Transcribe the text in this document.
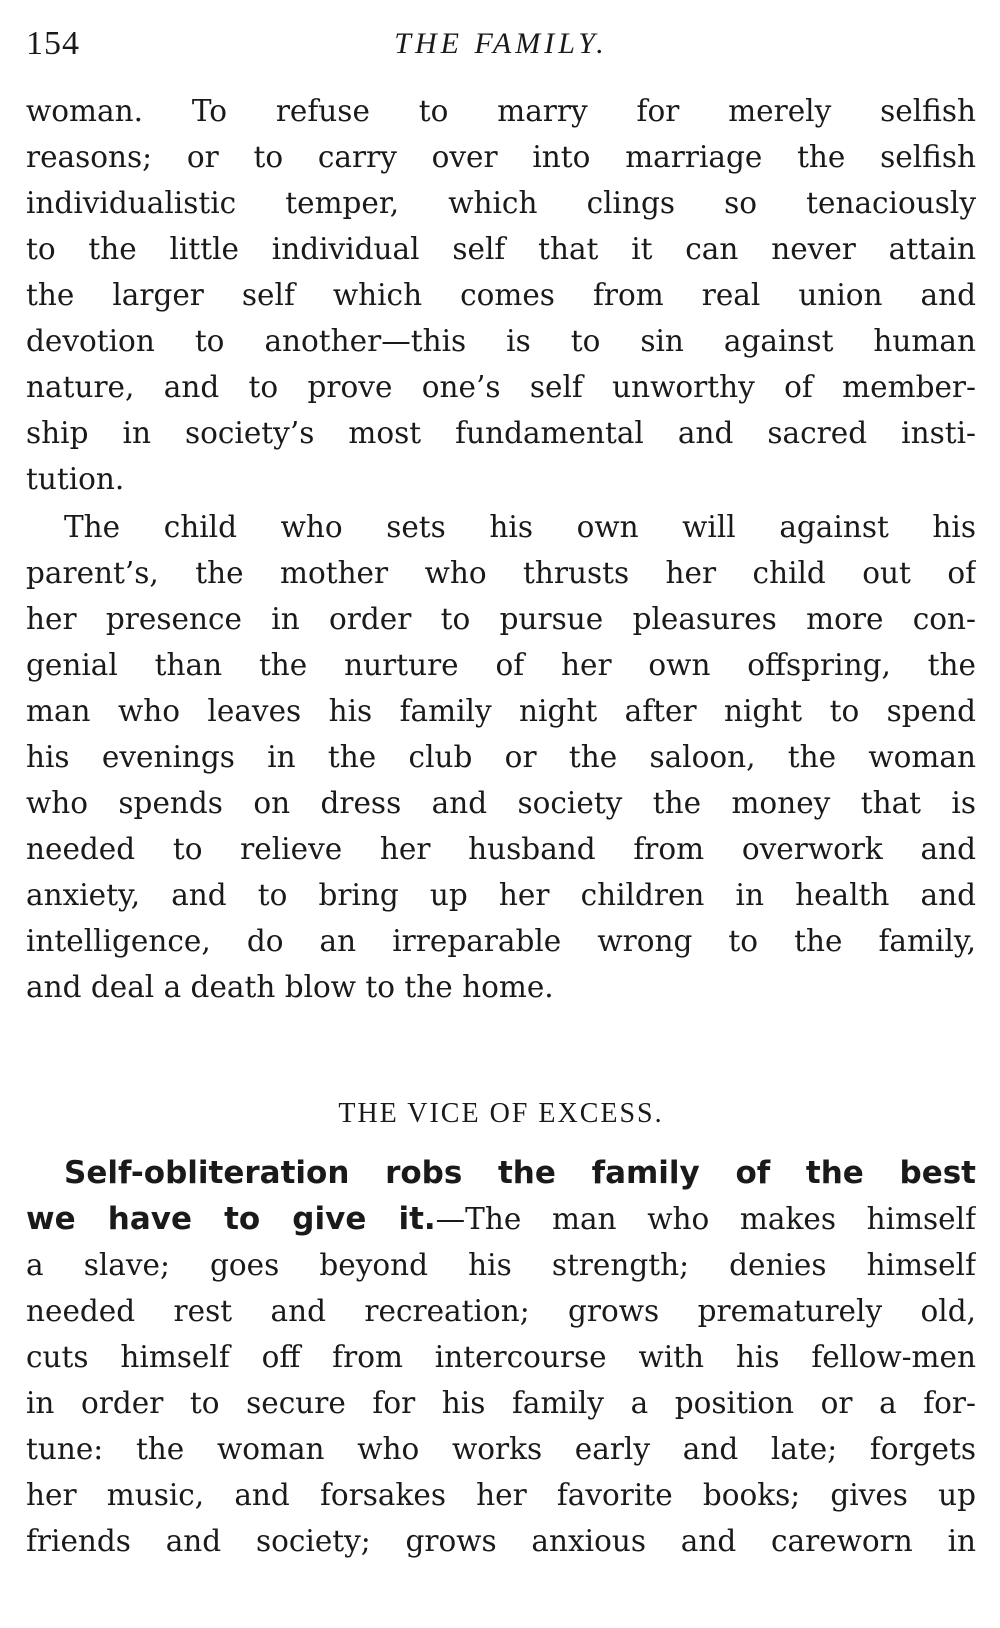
154	THE FAMILY.
woman. To refuse to marry for merely selfish
reasons; or to carry over into marriage the selfish
individualistic temper, which clings so tenaciously
to the little individual self that it can never attain
the larger self which comes from real union and
devotion to another—this is to sin against human
nature, and to prove one’s self unworthy of member-
ship in society’s most fundamental and sacred insti-
tution.
The child who sets his own will against his
parent’s, the mother who thrusts her child out of
her presence in order to pursue pleasures more con-
genial than the nurture of her own offspring, the
man who leaves his family night after night to spend
his evenings in the club or the saloon, the woman
who spends on dress and society the money that is
needed to relieve her husband from overwork and
anxiety, and to bring up her children in health and
intelligence, do an irreparable wrong to the family,
and deal a death blow to the home.
THE VICE OF EXCESS.
Self-obliteration robs the family of the best
we have to give it.—The man who makes himself
a slave; goes beyond his strength; denies himself
needed rest and recreation; grows prematurely old,
cuts himself off from intercourse with his fellow-men
in order to secure for his family a position or a for-
tune: the woman who works early and late; forgets
her music, and forsakes her favorite books; gives up
friends and society; grows anxious and careworn in
